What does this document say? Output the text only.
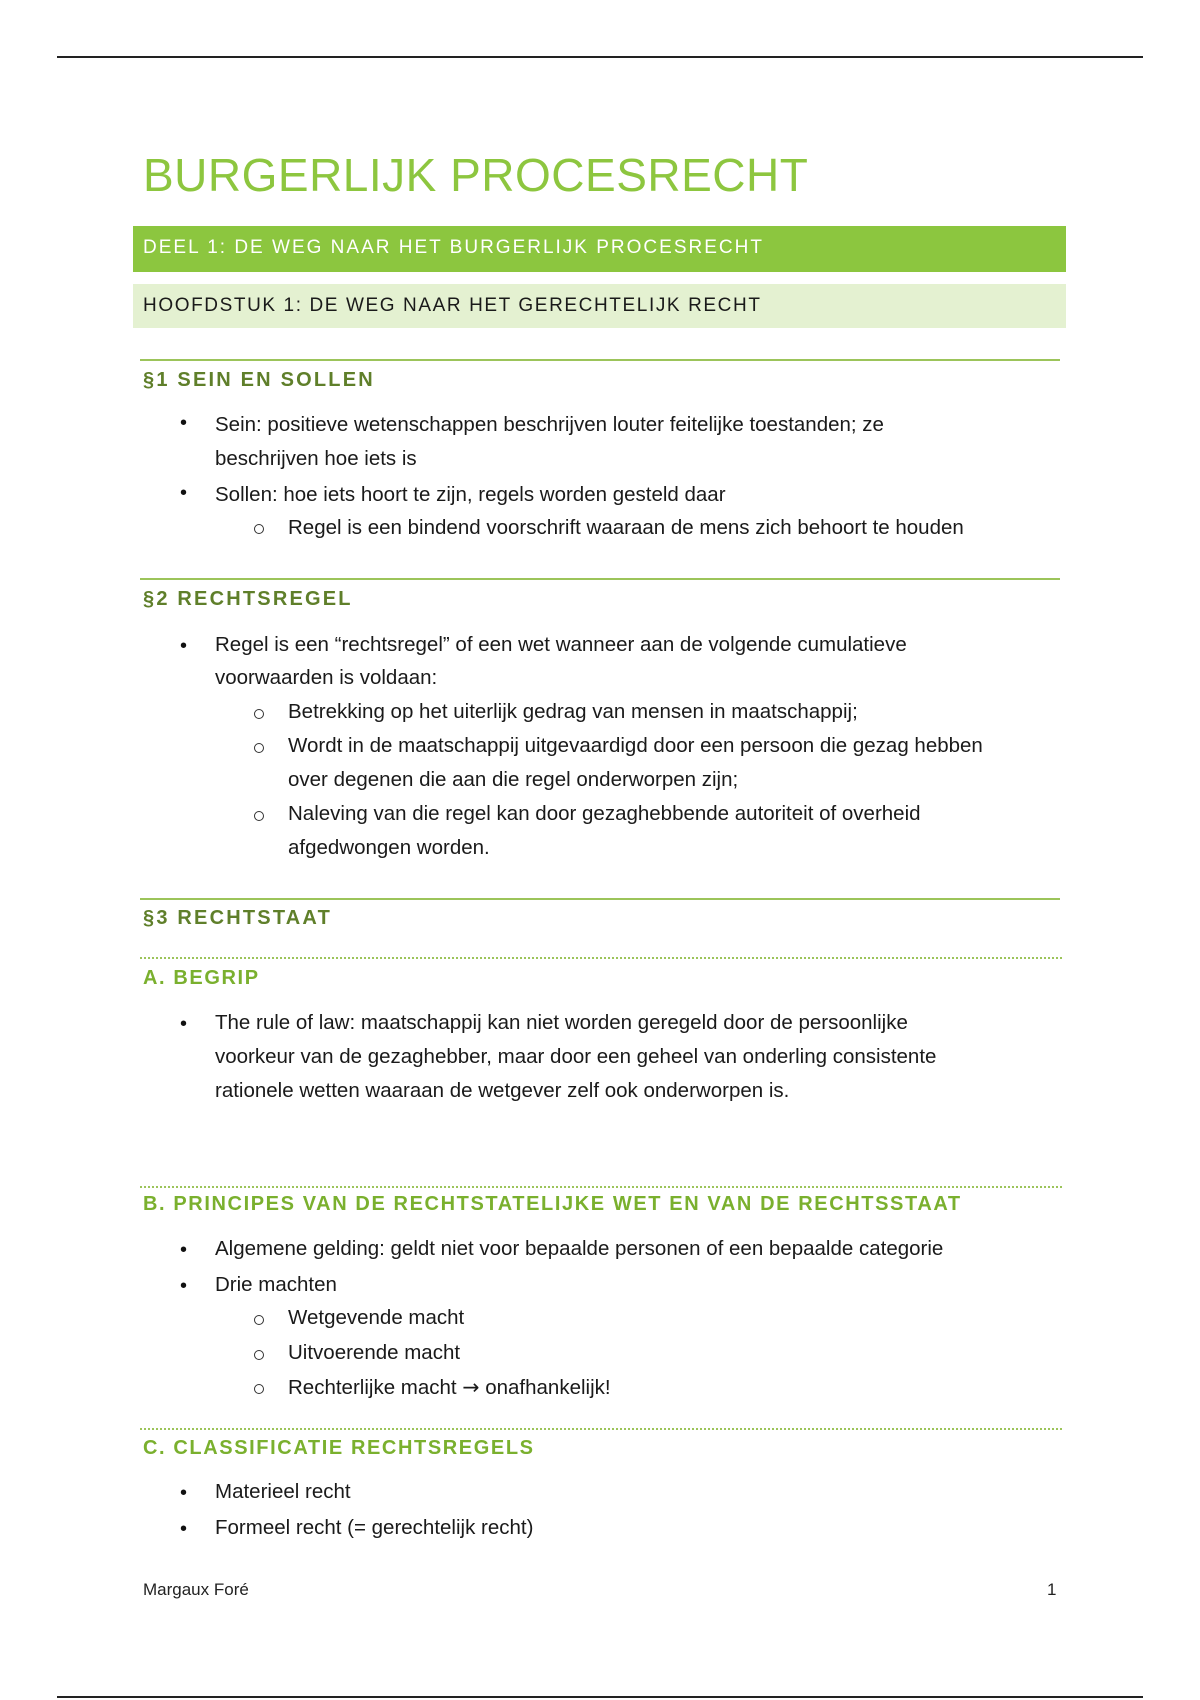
BURGERLIJK PROCESRECHT
DEEL 1: DE WEG NAAR HET BURGERLIJK PROCESRECHT
HOOFDSTUK 1: DE WEG NAAR HET GERECHTELIJK RECHT
§1 SEIN EN SOLLEN
• Sein: positieve wetenschappen beschrijven louter feitelijke toestanden; ze
beschrijven hoe iets is
• Sollen: hoe iets hoort te zijn, regels worden gesteld daar
Regel is een bindend voorschrift waaraan de mens zich behoort te houden
§2 RECHTSREGEL
• Regel is een “rechtsregel” of een wet wanneer aan de volgende cumulatieve
voorwaarden is voldaan:
Betrekking op het uiterlijk gedrag van mensen in maatschappij;
Wordt in de maatschappij uitgevaardigd door een persoon die gezag hebben
over degenen die aan die regel onderworpen zijn;
Naleving van die regel kan door gezaghebbende autoriteit of overheid
afgedwongen worden.
§3 RECHTSTAAT
A. BEGRIP
• The rule of law: maatschappij kan niet worden geregeld door de persoonlijke
voorkeur van de gezaghebber, maar door een geheel van onderling consistente
rationele wetten waaraan de wetgever zelf ook onderworpen is.
B. PRINCIPES VAN DE RECHTSTATELIJKE WET EN VAN DE RECHTSSTAAT
• Algemene gelding: geldt niet voor bepaalde personen of een bepaalde categorie
• Drie machten
Wetgevende macht
Uitvoerende macht
Rechterlijke macht → onafhankelijk!
C. CLASSIFICATIE RECHTSREGELS
• Materieel recht
• Formeel recht (= gerechtelijk recht)
Margaux Foré	1
